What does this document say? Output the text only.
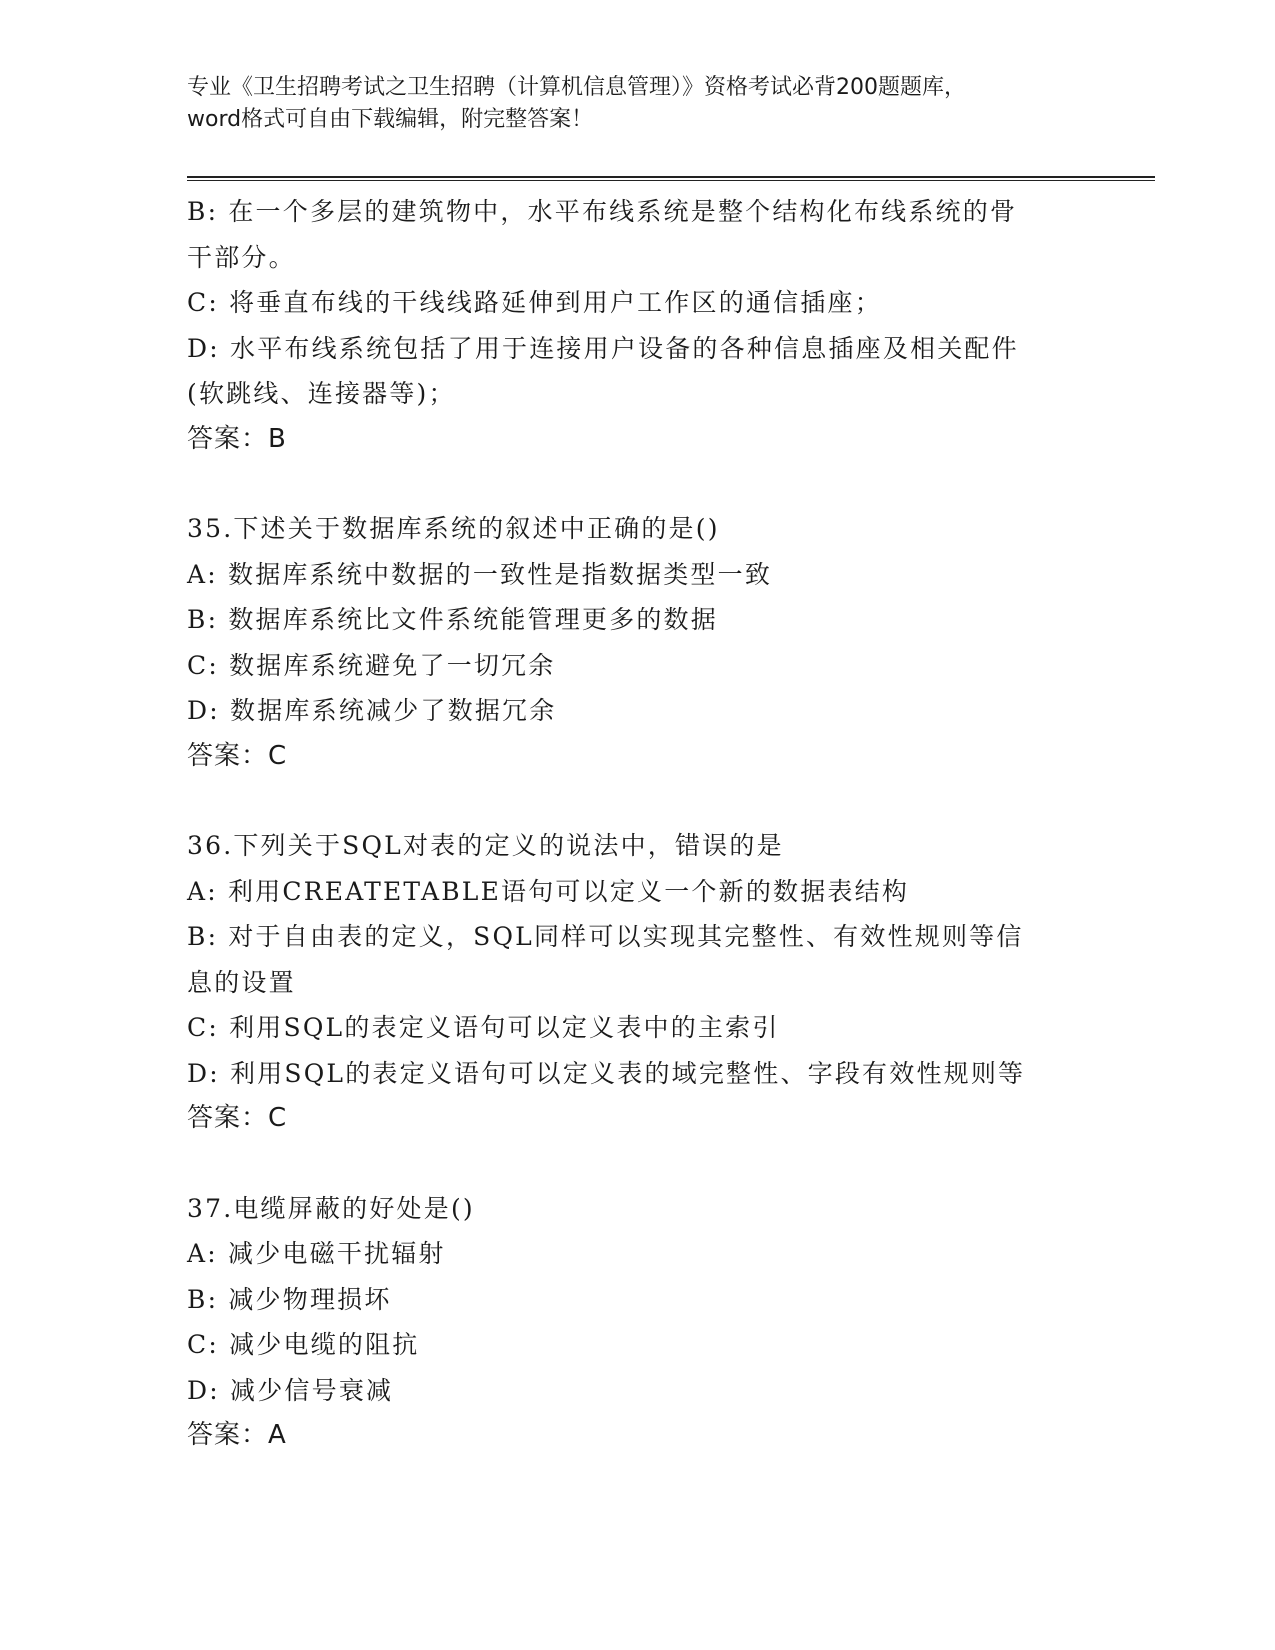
专业《卫生招聘考试之卫生招聘（计算机信息管理）》资格考试必背200题题库，
word格式可自由下载编辑，附完整答案！
B: 在一个多层的建筑物中，水平布线系统是整个结构化布线系统的骨
干部分。
C: 将垂直布线的干线线路延伸到用户工作区的通信插座；
D: 水平布线系统包括了用于连接用户设备的各种信息插座及相关配件
(软跳线、连接器等)；
答案：B
35.下述关于数据库系统的叙述中正确的是()
A: 数据库系统中数据的一致性是指数据类型一致
B: 数据库系统比文件系统能管理更多的数据
C: 数据库系统避免了一切冗余
D: 数据库系统减少了数据冗余
答案：C
36.下列关于SQL对表的定义的说法中，错误的是
A: 利用CREATETABLE语句可以定义一个新的数据表结构
B: 对于自由表的定义，SQL同样可以实现其完整性、有效性规则等信
息的设置
C: 利用SQL的表定义语句可以定义表中的主索引
D: 利用SQL的表定义语句可以定义表的域完整性、字段有效性规则等
答案：C
37.电缆屏蔽的好处是()
A: 减少电磁干扰辐射
B: 减少物理损坏
C: 减少电缆的阻抗
D: 减少信号衰减
答案：A
